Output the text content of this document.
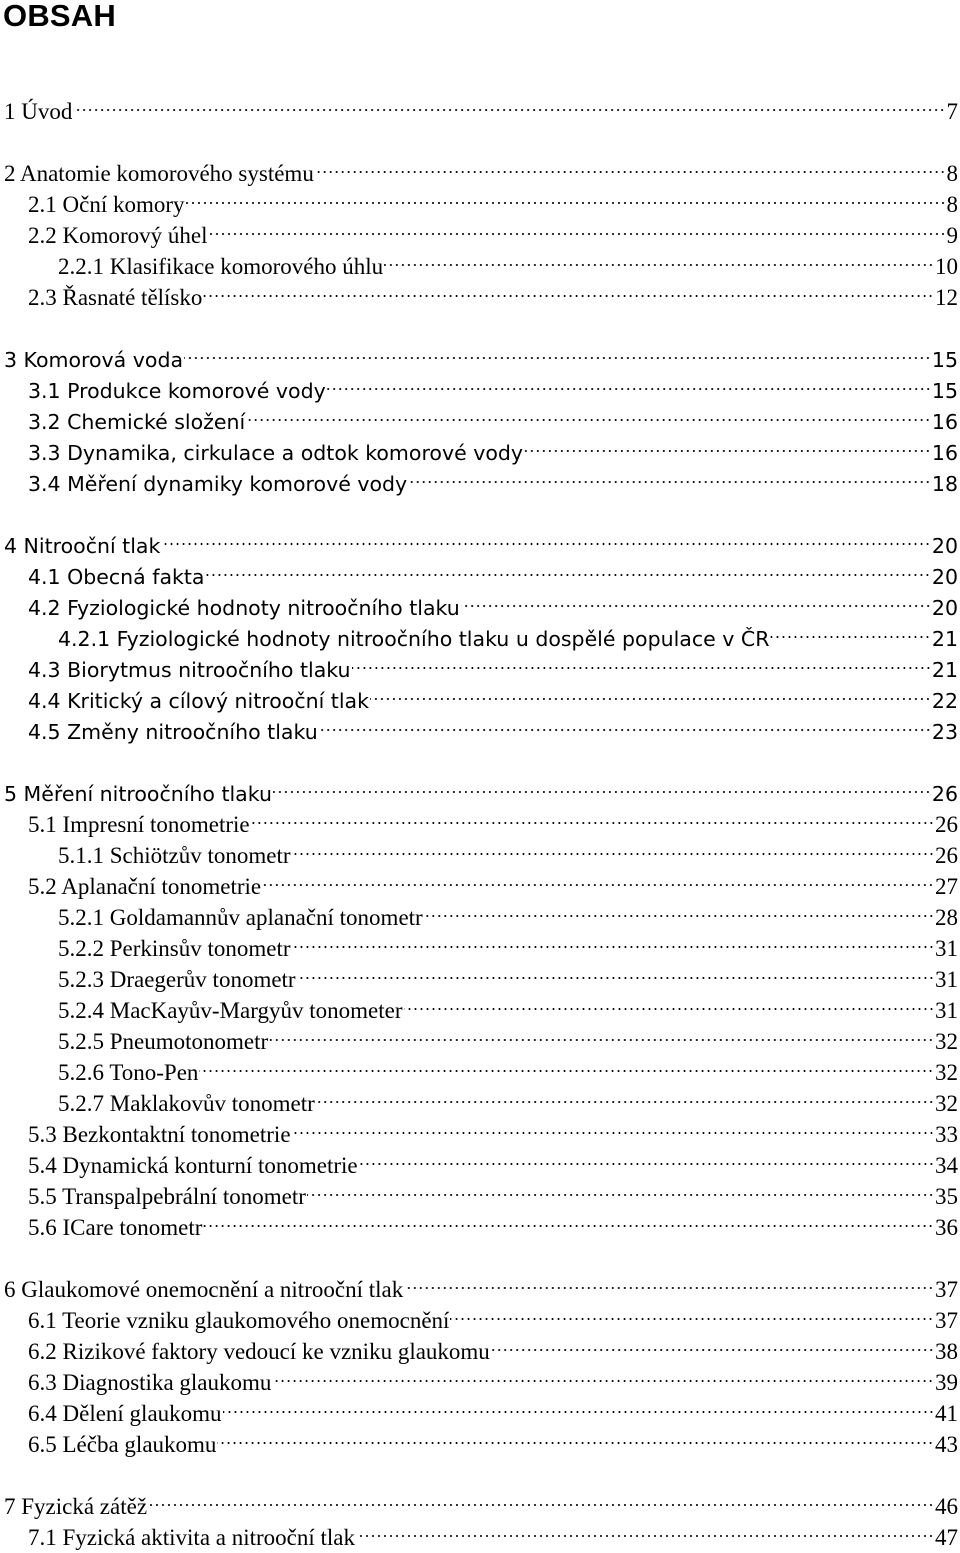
OBSAH
1 Úvod	7
2 Anatomie komorového systému	8
2.1 Oční komory	8
2.2 Komorový úhel	9
2.2.1 Klasifikace komorového úhlu	10
2.3 Řasnaté tělísko	12
3 Komorová voda	15
3.1 Produkce komorové vody	15
3.2 Chemické složení	16
3.3 Dynamika, cirkulace a odtok komorové vody	16
3.4 Měření dynamiky komorové vody	18
4 Nitrooční tlak	20
4.1 Obecná fakta	20
4.2 Fyziologické hodnoty nitroočního tlaku	20
4.2.1 Fyziologické hodnoty nitroočního tlaku u dospělé populace v ČR	21
4.3 Biorytmus nitroočního tlaku	21
4.4 Kritický a cílový nitrooční tlak	22
4.5 Změny nitroočního tlaku	23
5 Měření nitroočního tlaku	26
5.1 Impresní tonometrie	26
5.1.1 Schiötzův tonometr	26
5.2 Aplanační tonometrie	27
5.2.1 Goldamannův aplanační tonometr	28
5.2.2 Perkinsův tonometr	31
5.2.3 Draegerův tonometr	31
5.2.4 MacKayův-Margyův tonometer	31
5.2.5 Pneumotonometr	32
5.2.6 Tono-Pen	32
5.2.7 Maklakovův tonometr	32
5.3 Bezkontaktní tonometrie	33
5.4 Dynamická konturní tonometrie	34
5.5 Transpalpebrální tonometr	35
5.6 ICare tonometr	36
6 Glaukomové onemocnění a nitrooční tlak	37
6.1 Teorie vzniku glaukomového onemocnění	37
6.2 Rizikové faktory vedoucí ke vzniku glaukomu	38
6.3 Diagnostika glaukomu	39
6.4 Dělení glaukomu	41
6.5 Léčba glaukomu	43
7 Fyzická zátěž	46
7.1 Fyzická aktivita a nitrooční tlak	47
